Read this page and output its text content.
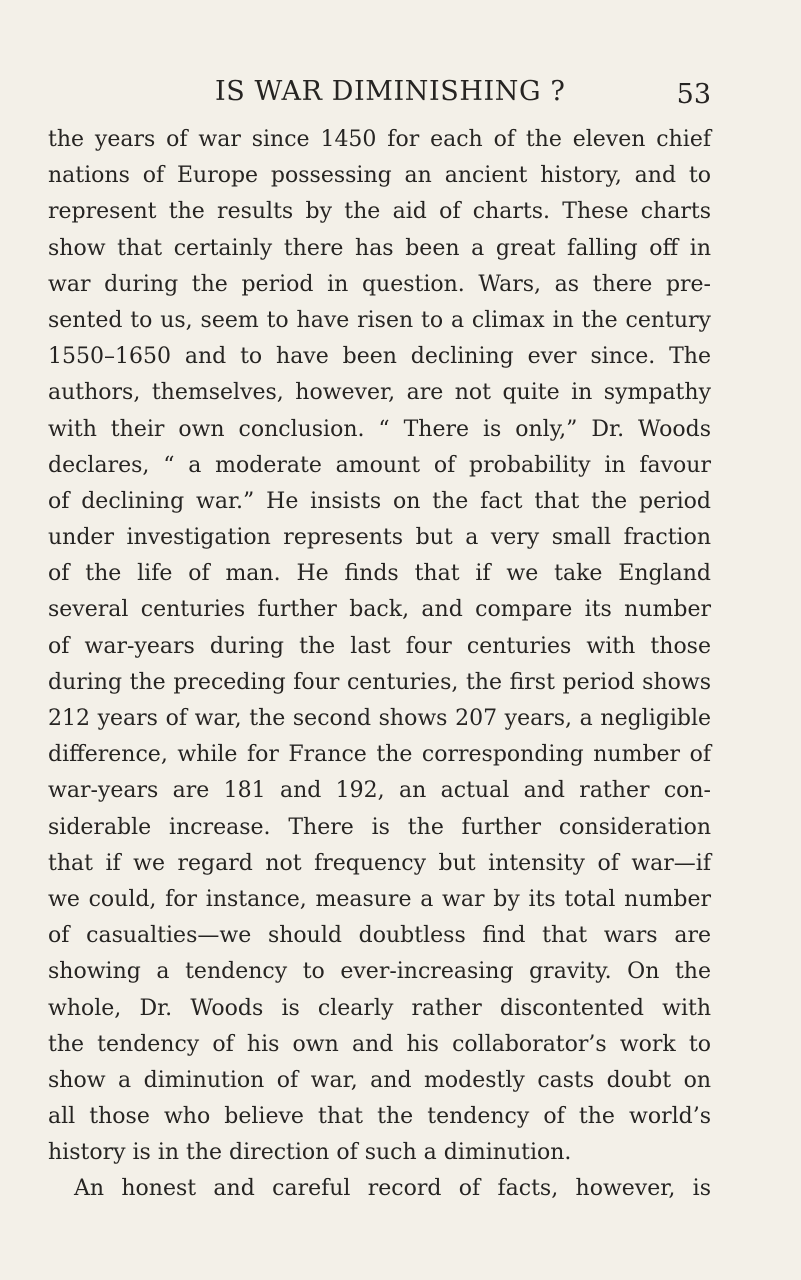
IS WAR DIMINISHING ?	53
the years of war since 1450 for each of the eleven chief
nations of Europe possessing an ancient history, and to
represent the results by the aid of charts. These charts
show that certainly there has been a great falling off in
war during the period in question. Wars, as there pre-
sented to us, seem to have risen to a climax in the century
1550–1650 and to have been declining ever since. The
authors, themselves, however, are not quite in sympathy
with their own conclusion. “ There is only,” Dr. Woods
declares, “ a moderate amount of probability in favour
of declining war.” He insists on the fact that the period
under investigation represents but a very small fraction
of the life of man. He finds that if we take England
several centuries further back, and compare its number
of war-years during the last four centuries with those
during the preceding four centuries, the first period shows
212 years of war, the second shows 207 years, a negligible
difference, while for France the corresponding number of
war-years are 181 and 192, an actual and rather con-
siderable increase. There is the further consideration
that if we regard not frequency but intensity of war—if
we could, for instance, measure a war by its total number
of casualties—we should doubtless find that wars are
showing a tendency to ever-increasing gravity. On the
whole, Dr. Woods is clearly rather discontented with
the tendency of his own and his collaborator’s work to
show a diminution of war, and modestly casts doubt on
all those who believe that the tendency of the world’s
history is in the direction of such a diminution.
An honest and careful record of facts, however, is
